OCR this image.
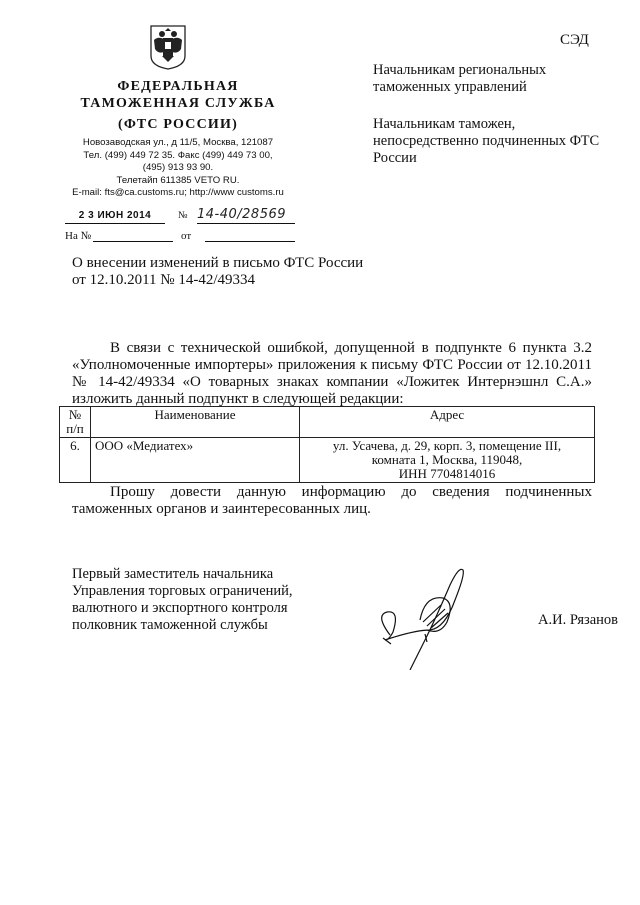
ФЕДЕРАЛЬНАЯ
ТАМОЖЕННАЯ СЛУЖБА
(ФТС РОССИИ)
Новозаводская ул., д 11/5, Москва, 121087
Тел. (499) 449 72 35. Факс (499) 449 73 00,
(495) 913 93 90.
Телетайп 611385 VETO RU.
E-mail: fts@ca.customs.ru; http://www customs.ru
2 3 ИЮН 2014	№ 14-40/28569
На №	от
СЭД
Начальникам региональных таможенных управлений
Начальникам таможен, непосредственно подчиненных ФТС России
О внесении изменений в письмо ФТС России от 12.10.2011 № 14-42/49334
В связи с технической ошибкой, допущенной в подпункте 6 пункта 3.2 «Уполномоченные импортеры» приложения к письму ФТС России от 12.10.2011 № 14-42/49334 «О товарных знаках компании «Ложитек Интернэшнл С.А.» изложить данный подпункт в следующей редакции:
№ п/п	Наименование	Адрес
6.	ООО «Медиатех»	ул. Усачева, д. 29, корп. 3, помещение III,
комната 1, Москва, 119048,
ИНН 7704814016
Прошу довести данную информацию до сведения подчиненных таможенных органов и заинтересованных лиц.
Первый заместитель начальника
Управления торговых ограничений,
валютного и экспортного контроля
полковник таможенной службы	А.И. Рязанов
